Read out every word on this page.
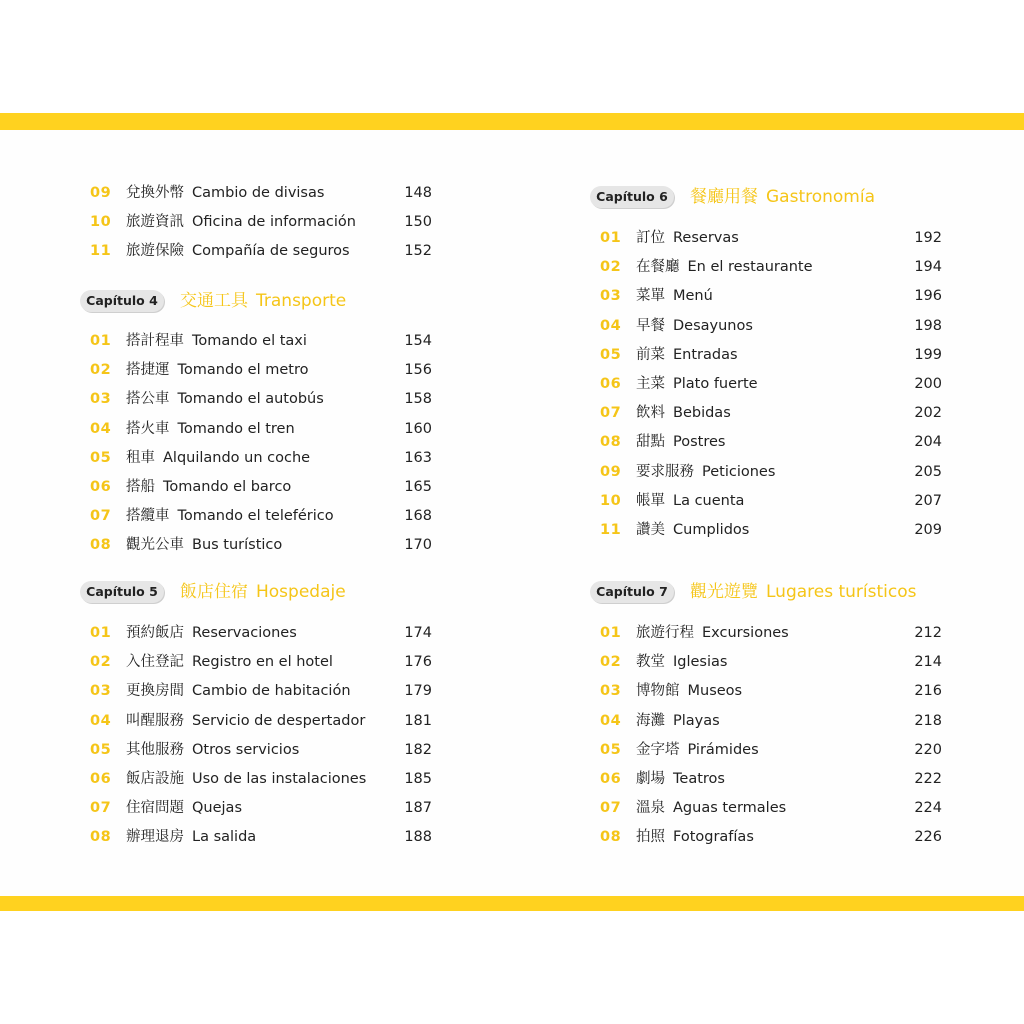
09 兌換外幣 Cambio de divisas	148
10 旅遊資訊 Oficina de información	150
11 旅遊保險 Compañía de seguros	152
Capítulo 4	交通工具 Transporte
01 搭計程車 Tomando el taxi	154
02 搭捷運 Tomando el metro	156
03 搭公車 Tomando el autobús	158
04 搭火車 Tomando el tren	160
05 租車 Alquilando un coche	163
06 搭船 Tomando el barco	165
07 搭纜車 Tomando el teleférico	168
08 觀光公車 Bus turístico	170
Capítulo 5	飯店住宿 Hospedaje
01 預約飯店 Reservaciones	174
02 入住登記 Registro en el hotel	176
03 更換房間 Cambio de habitación	179
04 叫醒服務 Servicio de despertador	181
05 其他服務 Otros servicios	182
06 飯店設施 Uso de las instalaciones	185
07 住宿問題 Quejas	187
08 辦理退房 La salida	188
Capítulo 6	餐廳用餐 Gastronomía
01 訂位 Reservas	192
02 在餐廳 En el restaurante	194
03 菜單 Menú	196
04 早餐 Desayunos	198
05 前菜 Entradas	199
06 主菜 Plato fuerte	200
07 飲料 Bebidas	202
08 甜點 Postres	204
09 要求服務 Peticiones	205
10 帳單 La cuenta	207
11 讚美 Cumplidos	209
Capítulo 7	觀光遊覽 Lugares turísticos
01 旅遊行程 Excursiones	212
02 教堂 Iglesias	214
03 博物館 Museos	216
04 海灘 Playas	218
05 金字塔 Pirámides	220
06 劇場 Teatros	222
07 溫泉 Aguas termales	224
08 拍照 Fotografías	226
